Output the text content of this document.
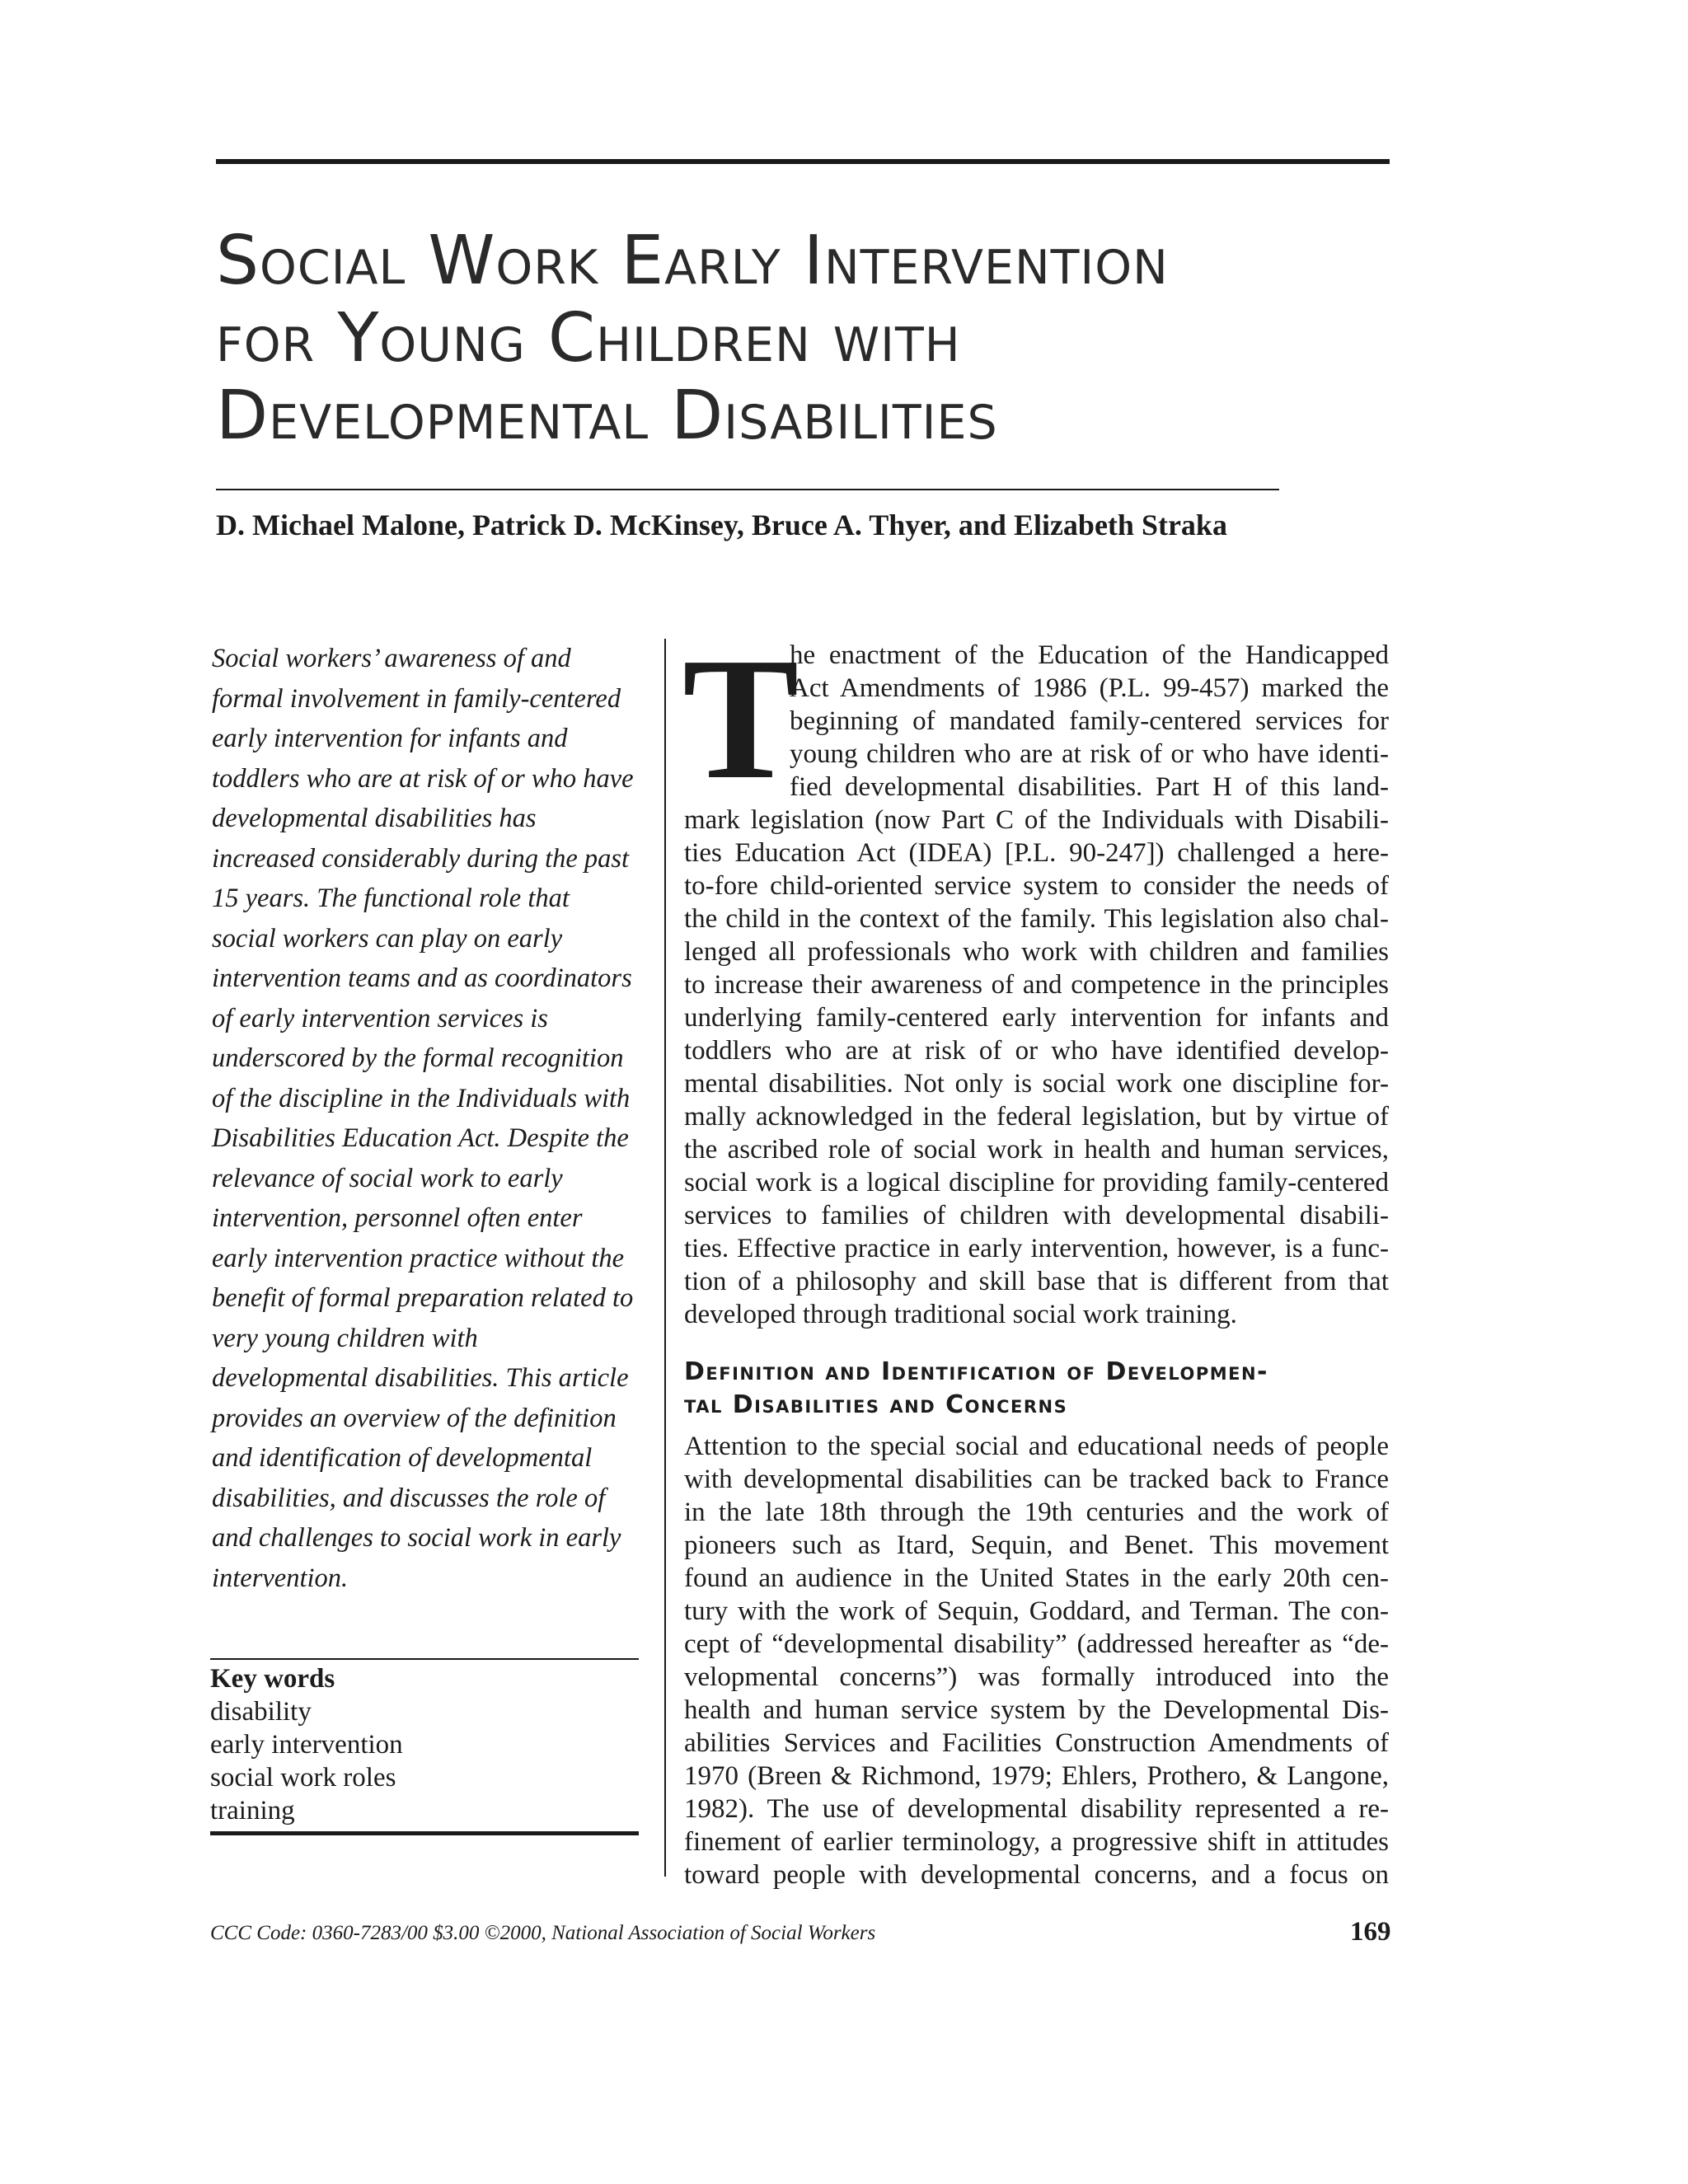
Social Work Early Intervention
for Young Children with
Developmental Disabilities
D. Michael Malone, Patrick D. McKinsey, Bruce A. Thyer, and Elizabeth Straka
Social workers’ awareness of and
formal involvement in family-centered
early intervention for infants and
toddlers who are at risk of or who have
developmental disabilities has
increased considerably during the past
15 years. The functional role that
social workers can play on early
intervention teams and as coordinators
of early intervention services is
underscored by the formal recognition
of the discipline in the Individuals with
Disabilities Education Act. Despite the
relevance of social work to early
intervention, personnel often enter
early intervention practice without the
benefit of formal preparation related to
very young children with
developmental disabilities. This article
provides an overview of the definition
and identification of developmental
disabilities, and discusses the role of
and challenges to social work in early
intervention.
Key words
disability
early intervention
social work roles
training
T

he enactment of the Education of the Handicapped
Act Amendments of 1986 (P.L. 99-457) marked the
beginning of mandated family-centered services for
young children who are at risk of or who have identi-
fied developmental disabilities. Part H of this land-
mark legislation (now Part C of the Individuals with Disabili-
ties Education Act (IDEA) [P.L. 90-247]) challenged a here-
to-fore child-oriented service system to consider the needs of
the child in the context of the family. This legislation also chal-
lenged all professionals who work with children and families
to increase their awareness of and competence in the principles
underlying family-centered early intervention for infants and
toddlers who are at risk of or who have identified develop-
mental disabilities. Not only is social work one discipline for-
mally acknowledged in the federal legislation, but by virtue of
the ascribed role of social work in health and human services,
social work is a logical discipline for providing family-centered
services to families of children with developmental disabili-
ties. Effective practice in early intervention, however, is a func-
tion of a philosophy and skill base that is different from that
developed through traditional social work training.

Definition and Identification of Developmen-
tal Disabilities and Concerns

Attention to the special social and educational needs of people
with developmental disabilities can be tracked back to France
in the late 18th through the 19th centuries and the work of
pioneers such as Itard, Sequin, and Benet. This movement
found an audience in the United States in the early 20th cen-
tury with the work of Sequin, Goddard, and Terman. The con-
cept of “developmental disability” (addressed hereafter as “de-
velopmental concerns”) was formally introduced into the
health and human service system by the Developmental Dis-
abilities Services and Facilities Construction Amendments of
1970 (Breen & Richmond, 1979; Ehlers, Prothero, & Langone,
1982). The use of developmental disability represented a re-
finement of earlier terminology, a progressive shift in attitudes
toward people with developmental concerns, and a focus on

CCC Code: 0360-7283/00 $3.00 ©2000, National Association of Social Workers	169
